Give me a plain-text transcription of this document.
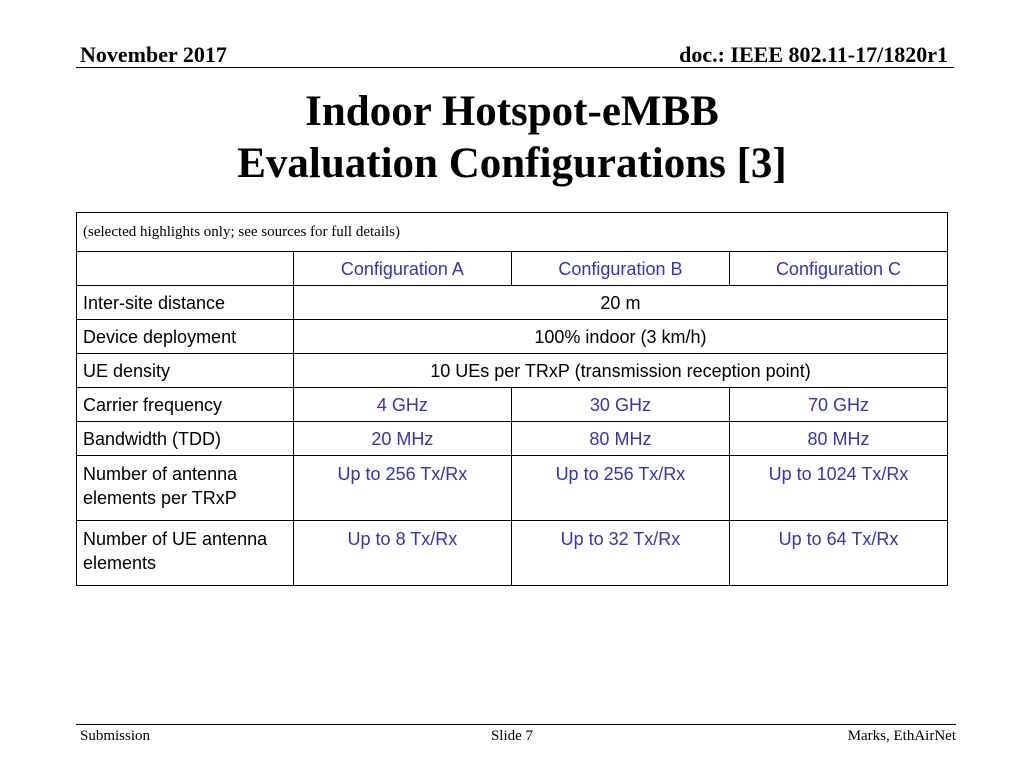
November 2017	doc.: IEEE 802.11-17/1820r1
Indoor Hotspot-eMBB
Evaluation Configurations [3]
(selected highlights only; see sources for full details)			
	Configuration A	Configuration B	Configuration C
Inter-site distance	20 m		
Device deployment	100% indoor (3 km/h)		
UE density	10 UEs per TRxP (transmission reception point)		
Carrier frequency	4 GHz	30 GHz	70 GHz
Bandwidth (TDD)	20 MHz	80 MHz	80 MHz
Number of antenna elements per TRxP	Up to 256 Tx/Rx	Up to 256 Tx/Rx	Up to 1024 Tx/Rx
Number of UE antenna elements	Up to 8 Tx/Rx	Up to 32 Tx/Rx	Up to 64 Tx/Rx
Submission	Slide 7	Marks, EthAirNet
